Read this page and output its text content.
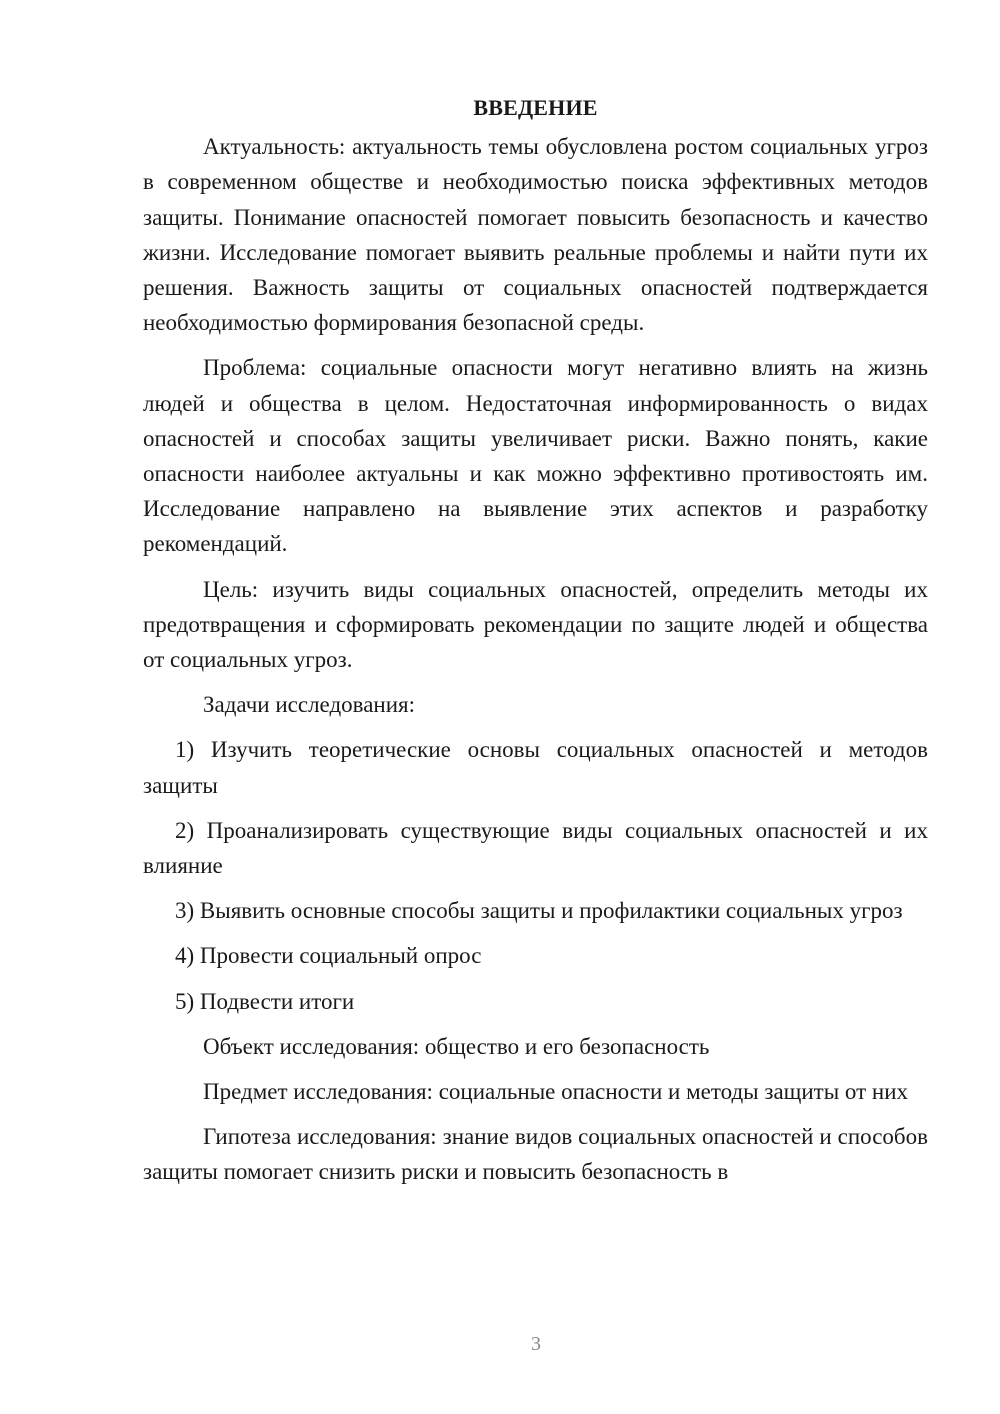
ВВЕДЕНИЕ
Актуальность: актуальность темы обусловлена ростом социальных угроз в современном обществе и необходимостью поиска эффективных методов защиты. Понимание опасностей помогает повысить безопасность и качество жизни. Исследование помогает выявить реальные проблемы и найти пути их решения. Важность защиты от социальных опасностей подтверждается необходимостью формирования безопасной среды.
Проблема: социальные опасности могут негативно влиять на жизнь людей и общества в целом. Недостаточная информированность о видах опасностей и способах защиты увеличивает риски. Важно понять, какие опасности наиболее актуальны и как можно эффективно противостоять им. Исследование направлено на выявление этих аспектов и разработку рекомендаций.
Цель: изучить виды социальных опасностей, определить методы их предотвращения и сформировать рекомендации по защите людей и общества от социальных угроз.
Задачи исследования:
1) Изучить теоретические основы социальных опасностей и методов защиты
2) Проанализировать существующие виды социальных опасностей и их влияние
3) Выявить основные способы защиты и профилактики социальных угроз
4) Провести социальный опрос
5) Подвести итоги
Объект исследования: общество и его безопасность
Предмет исследования: социальные опасности и методы защиты от них
Гипотеза исследования: знание видов социальных опасностей и способов защиты помогает снизить риски и повысить безопасность в
3
